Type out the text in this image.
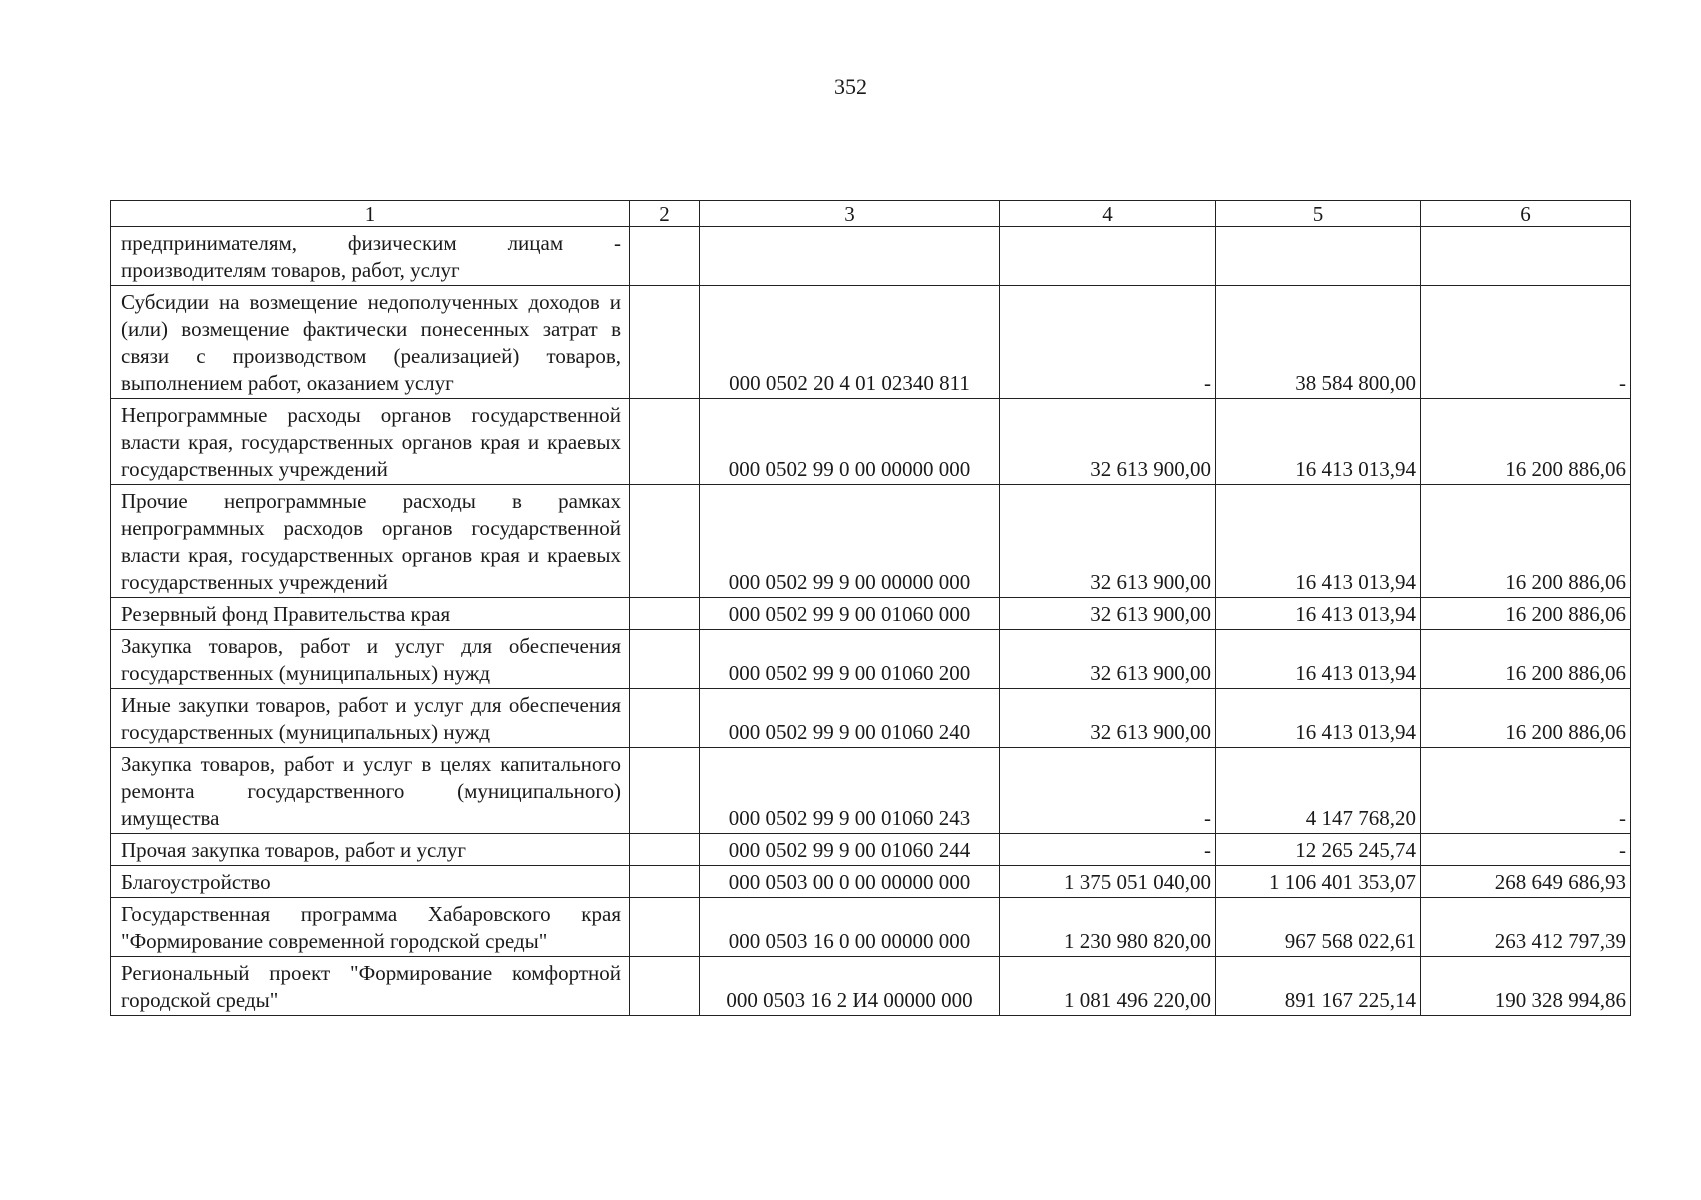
352
1	2	3	4	5	6
предпринимателям, физическим лицам - производителям товаров, работ, услуг					
Субсидии на возмещение недополученных доходов и (или) возмещение фактически понесенных затрат в связи с производством (реализацией) товаров, выполнением работ, оказанием услуг		000 0502 20 4 01 02340 811	-	38 584 800,00	-
Непрограммные расходы органов государственной власти края, государственных органов края и краевых государственных учреждений		000 0502 99 0 00 00000 000	32 613 900,00	16 413 013,94	16 200 886,06
Прочие непрограммные расходы в рамках непрограммных расходов органов государственной власти края, государственных органов края и краевых государственных учреждений		000 0502 99 9 00 00000 000	32 613 900,00	16 413 013,94	16 200 886,06
Резервный фонд Правительства края		000 0502 99 9 00 01060 000	32 613 900,00	16 413 013,94	16 200 886,06
Закупка товаров, работ и услуг для обеспечения государственных (муниципальных) нужд		000 0502 99 9 00 01060 200	32 613 900,00	16 413 013,94	16 200 886,06
Иные закупки товаров, работ и услуг для обеспечения государственных (муниципальных) нужд		000 0502 99 9 00 01060 240	32 613 900,00	16 413 013,94	16 200 886,06
Закупка товаров, работ и услуг в целях капитального ремонта государственного (муниципального) имущества		000 0502 99 9 00 01060 243	-	4 147 768,20	-
Прочая закупка товаров, работ и услуг		000 0502 99 9 00 01060 244	-	12 265 245,74	-
Благоустройство		000 0503 00 0 00 00000 000	1 375 051 040,00	1 106 401 353,07	268 649 686,93
Государственная программа Хабаровского края "Формирование современной городской среды"		000 0503 16 0 00 00000 000	1 230 980 820,00	967 568 022,61	263 412 797,39
Региональный проект "Формирование комфортной городской среды"		000 0503 16 2 И4 00000 000	1 081 496 220,00	891 167 225,14	190 328 994,86
